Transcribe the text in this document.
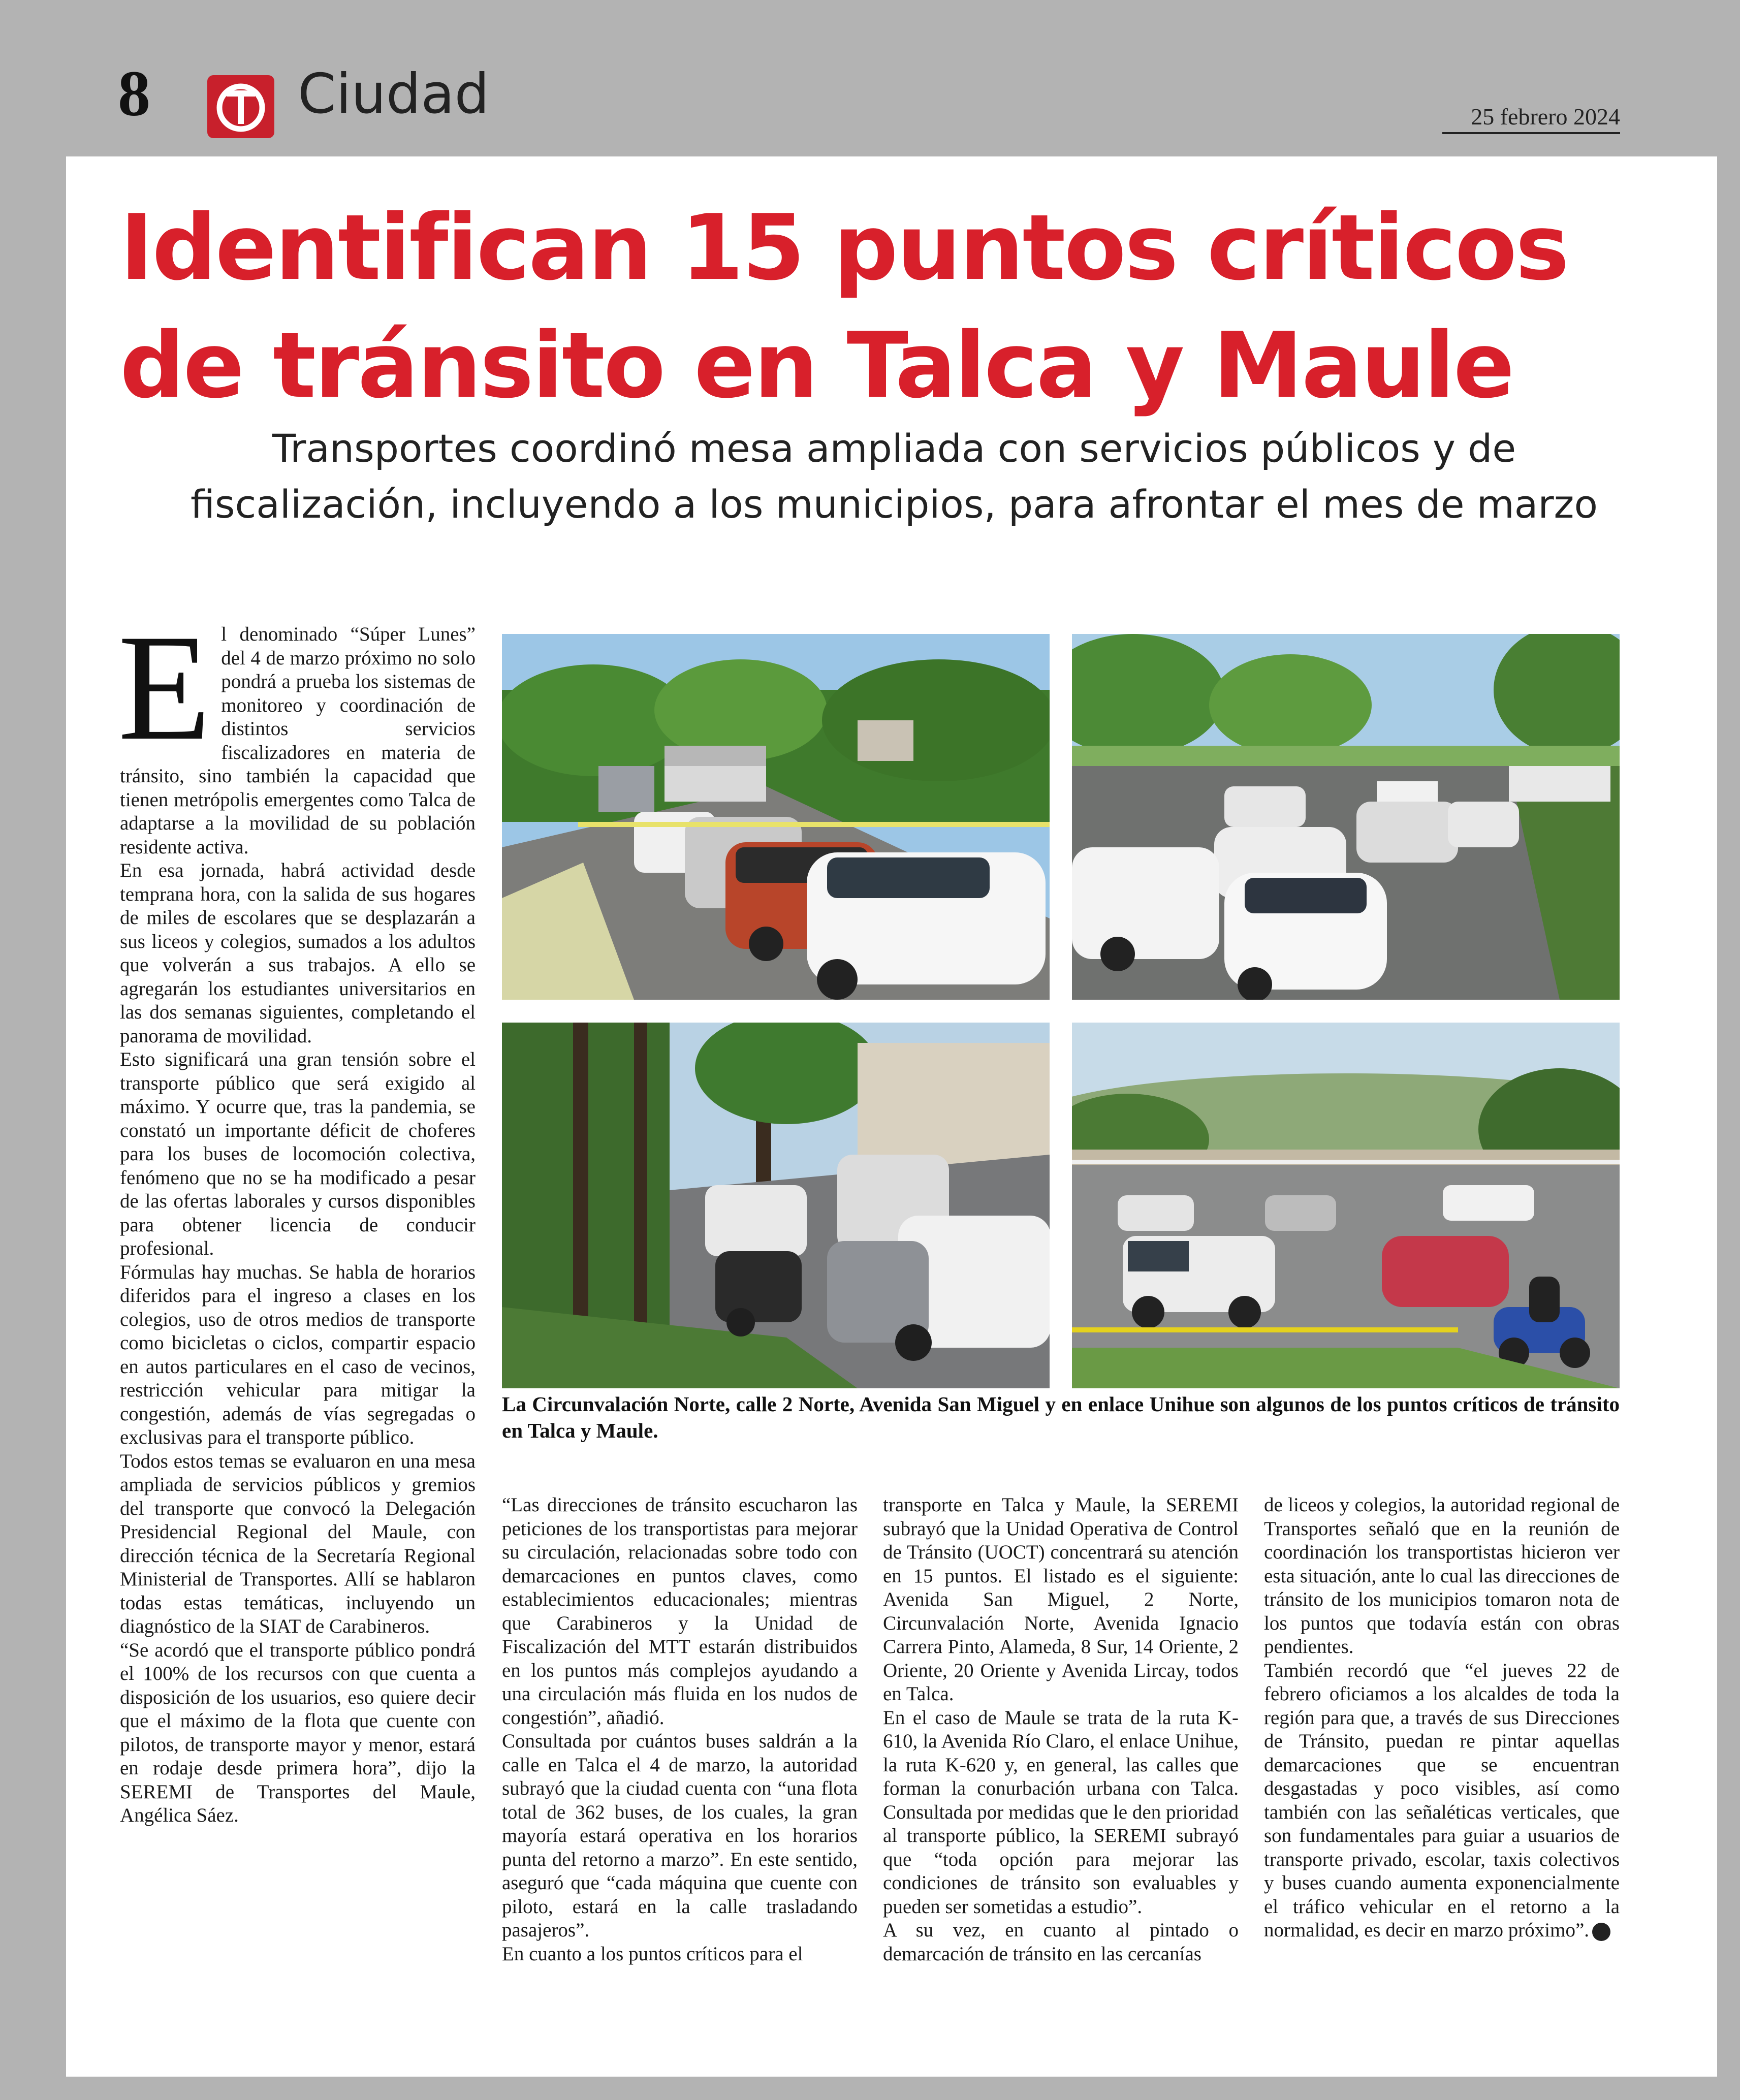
8	Ciudad	25 febrero 2024
Identifican 15 puntos críticos
de tránsito en Talca y Maule
Transportes coordinó mesa ampliada con servicios públicos y de fiscalización, incluyendo a los municipios, para afrontar el mes de marzo

El denominado “Súper Lunes” del 4 de marzo próximo no solo pondrá a prueba los sistemas de monitoreo y coordinación de distintos servicios fiscalizadores en materia de tránsito, sino también la capacidad que tienen metrópolis emergentes como Talca de adaptarse a la movilidad de su población residente activa.

En esa jornada, habrá actividad desde temprana hora, con la salida de sus hogares de miles de escolares que se desplazarán a sus liceos y colegios, sumados a los adultos que volverán a sus trabajos. A ello se agregarán los estudiantes universitarios en las dos semanas siguientes, completando el panorama de movilidad.

Esto significará una gran tensión sobre el transporte público que será exigido al máximo. Y ocurre que, tras la pandemia, se constató un importante déficit de choferes para los buses de locomoción colectiva, fenómeno que no se ha modificado a pesar de las ofertas laborales y cursos disponibles para obtener licencia de conducir profesional.

Fórmulas hay muchas. Se habla de horarios diferidos para el ingreso a clases en los colegios, uso de otros medios de transporte como bicicletas o ciclos, compartir espacio en autos particulares en el caso de vecinos, restricción vehicular para mitigar la congestión, además de vías segregadas o exclusivas para el transporte público.

Todos estos temas se evaluaron en una mesa ampliada de servicios públicos y gremios del transporte que convocó la Delegación Presidencial Regional del Maule, con dirección técnica de la Secretaría Regional Ministerial de Transportes. Allí se hablaron todas estas temáticas, incluyendo un diagnóstico de la SIAT de Carabineros.

“Se acordó que el transporte público pondrá el 100% de los recursos con que cuenta a disposición de los usuarios, eso quiere decir que el máximo de la flota que cuente con pilotos, de transporte mayor y menor, estará en rodaje desde primera hora”, dijo la SEREMI de Transportes del Maule, Angélica Sáez.

La Circunvalación Norte, calle 2 Norte, Avenida San Miguel y en enlace Unihue son algunos de los puntos críticos de tránsito en Talca y Maule.

“Las direcciones de tránsito escucharon las peticiones de los transportistas para mejorar su circulación, relacionadas sobre todo con demarcaciones en puntos claves, como establecimientos educacionales; mientras que Carabineros y la Unidad de Fiscalización del MTT estarán distribuidos en los puntos más complejos ayudando a una circulación más fluida en los nudos de congestión”, añadió.

Consultada por cuántos buses saldrán a la calle en Talca el 4 de marzo, la autoridad subrayó que la ciudad cuenta con “una flota total de 362 buses, de los cuales, la gran mayoría estará operativa en los horarios punta del retorno a marzo”. En este sentido, aseguró que “cada máquina que cuente con piloto, estará en la calle trasladando pasajeros”.

En cuanto a los puntos críticos para el

transporte en Talca y Maule, la SEREMI subrayó que la Unidad Operativa de Control de Tránsito (UOCT) concentrará su atención en 15 puntos. El listado es el siguiente: Avenida San Miguel, 2 Norte, Circunvalación Norte, Avenida Ignacio Carrera Pinto, Alameda, 8 Sur, 14 Oriente, 2 Oriente, 20 Oriente y Avenida Lircay, todos en Talca.

En el caso de Maule se trata de la ruta K-610, la Avenida Río Claro, el enlace Unihue, la ruta K-620 y, en general, las calles que forman la conurbación urbana con Talca. Consultada por medidas que le den prioridad al transporte público, la SEREMI subrayó que “toda opción para mejorar las condiciones de tránsito son evaluables y pueden ser sometidas a estudio”.

A su vez, en cuanto al pintado o demarcación de tránsito en las cercanías

de liceos y colegios, la autoridad regional de Transportes señaló que en la reunión de coordinación los transportistas hicieron ver esta situación, ante lo cual las direcciones de tránsito de los municipios tomaron nota de los puntos que todavía están con obras pendientes.

También recordó que “el jueves 22 de febrero oficiamos a los alcaldes de toda la región para que, a través de sus Direcciones de Tránsito, puedan re pintar aquellas demarcaciones que se encuentran desgastadas y poco visibles, así como también con las señaléticas verticales, que son fundamentales para guiar a usuarios de transporte privado, escolar, taxis colectivos y buses cuando aumenta exponencialmente el tráfico vehicular en el retorno a la normalidad, es decir en marzo próximo”.
